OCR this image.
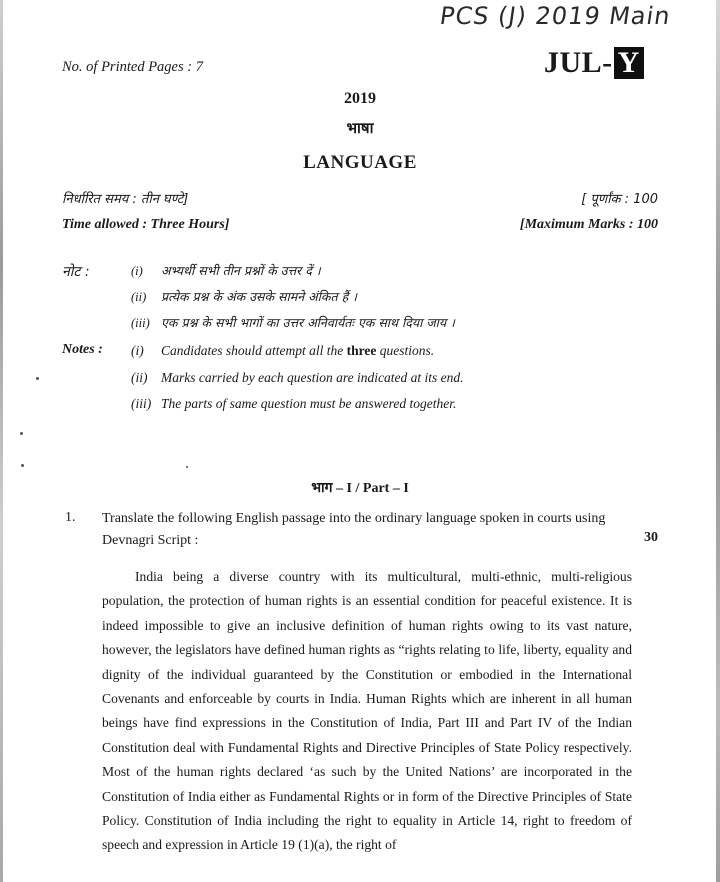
PCS (J) 2019 Main
No. of Printed Pages : 7	JUL- Y
2019
भाषा
LANGUAGE
निर्धारित समय : तीन घण्टे]	[ पूर्णांक : 100
Time allowed : Three Hours]	[Maximum Marks : 100
नोट :	(i) अभ्यर्थी सभी तीन प्रश्नों के उत्तर दें ।
(ii) प्रत्येक प्रश्न के अंक उसके सामने अंकित हैं ।
(iii) एक प्रश्न के सभी भागों का उत्तर अनिवार्यतः एक साथ दिया जाय ।
Notes : (i) Candidates should attempt all the three questions.
(ii) Marks carried by each question are indicated at its end.
(iii) The parts of same question must be answered together.
भाग – I / Part – I
1. Translate the following English passage into the ordinary language spoken in courts using Devnagri Script :	30

India being a diverse country with its multicultural, multi-ethnic, multi-religious population, the protection of human rights is an essential condition for peaceful existence. It is indeed impossible to give an inclusive definition of human rights owing to its vast nature, however, the legislators have defined human rights as “rights relating to life, liberty, equality and dignity of the individual guaranteed by the Constitution or embodied in the International Covenants and enforceable by courts in India. Human Rights which are inherent in all human beings have find expressions in the Constitution of India, Part III and Part IV of the Indian Constitution deal with Fundamental Rights and Directive Principles of State Policy respectively. Most of the human rights declared ‘as such by the United Nations’ are incorporated in the Constitution of India either as Fundamental Rights or in form of the Directive Principles of State Policy. Constitution of India including the right to equality in Article 14, right to freedom of speech and expression in Article 19 (1)(a), the right of
